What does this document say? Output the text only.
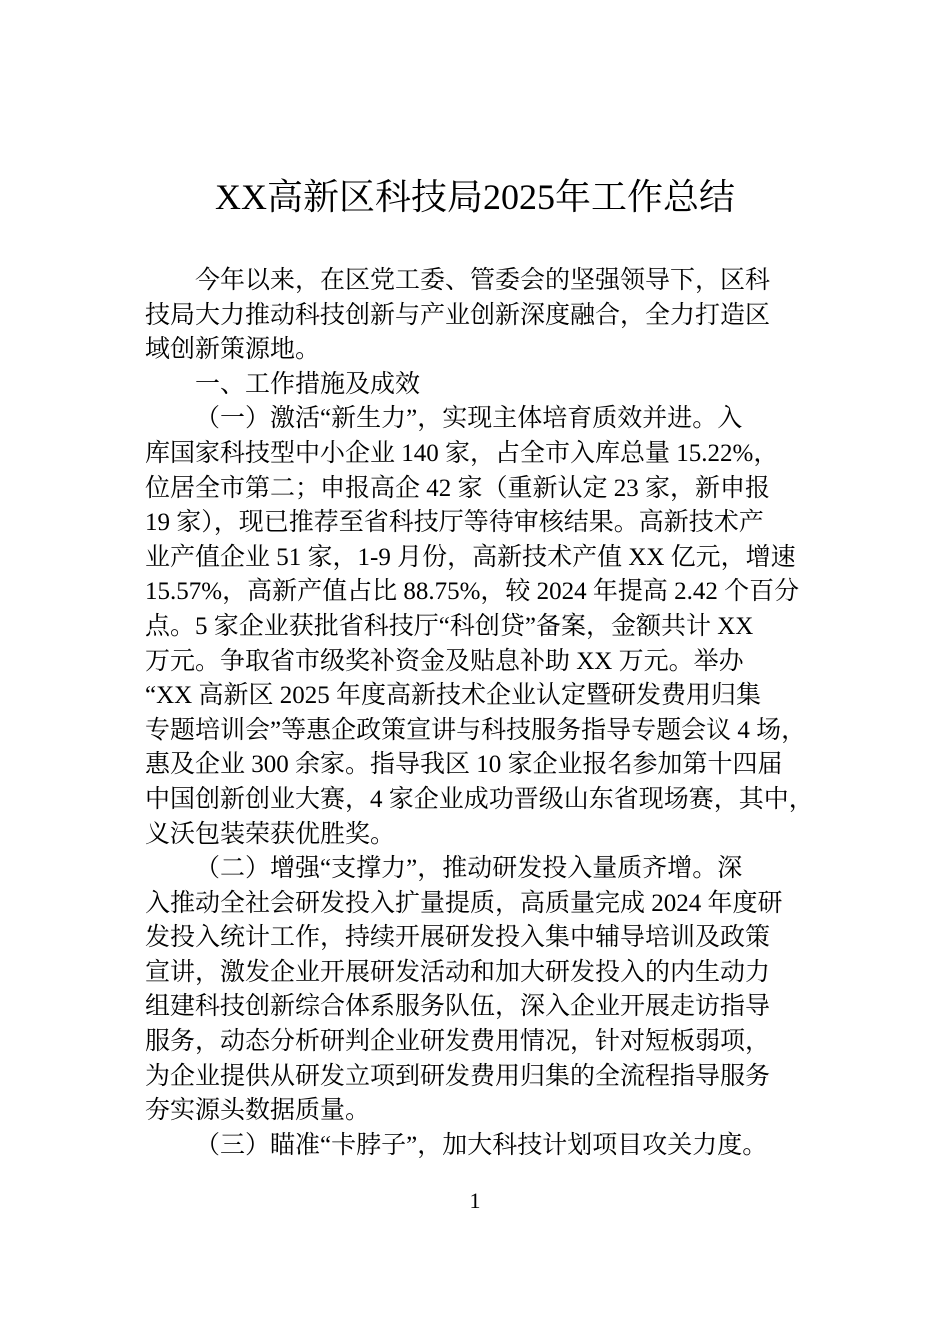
XX高新区科技局2025年工作总结
今年以来，在区党工委、管委会的坚强领导下，区科
技局大力推动科技创新与产业创新深度融合，全力打造区
域创新策源地。
一、工作措施及成效
（一）激活“新生力”，实现主体培育质效并进。入
库国家科技型中小企业 140 家，占全市入库总量 15.22%，
位居全市第二；申报高企 42 家（重新认定 23 家，新申报
19 家），现已推荐至省科技厅等待审核结果。高新技术产
业产值企业 51 家，1-9 月份，高新技术产值 XX 亿元，增速
15.57%，高新产值占比 88.75%，较 2024 年提高 2.42 个百分
点。5 家企业获批省科技厅“科创贷”备案，金额共计 XX
万元。争取省市级奖补资金及贴息补助 XX 万元。举办
“XX 高新区 2025 年度高新技术企业认定暨研发费用归集
专题培训会”等惠企政策宣讲与科技服务指导专题会议 4 场，
惠及企业 300 余家。指导我区 10 家企业报名参加第十四届
中国创新创业大赛，4 家企业成功晋级山东省现场赛，其中，
义沃包装荣获优胜奖。
（二）增强“支撑力”，推动研发投入量质齐增。深
入推动全社会研发投入扩量提质，高质量完成 2024 年度研
发投入统计工作，持续开展研发投入集中辅导培训及政策
宣讲，激发企业开展研发活动和加大研发投入的内生动力
组建科技创新综合体系服务队伍，深入企业开展走访指导
服务，动态分析研判企业研发费用情况，针对短板弱项，
为企业提供从研发立项到研发费用归集的全流程指导服务
夯实源头数据质量。
（三）瞄准“卡脖子”，加大科技计划项目攻关力度。
1
